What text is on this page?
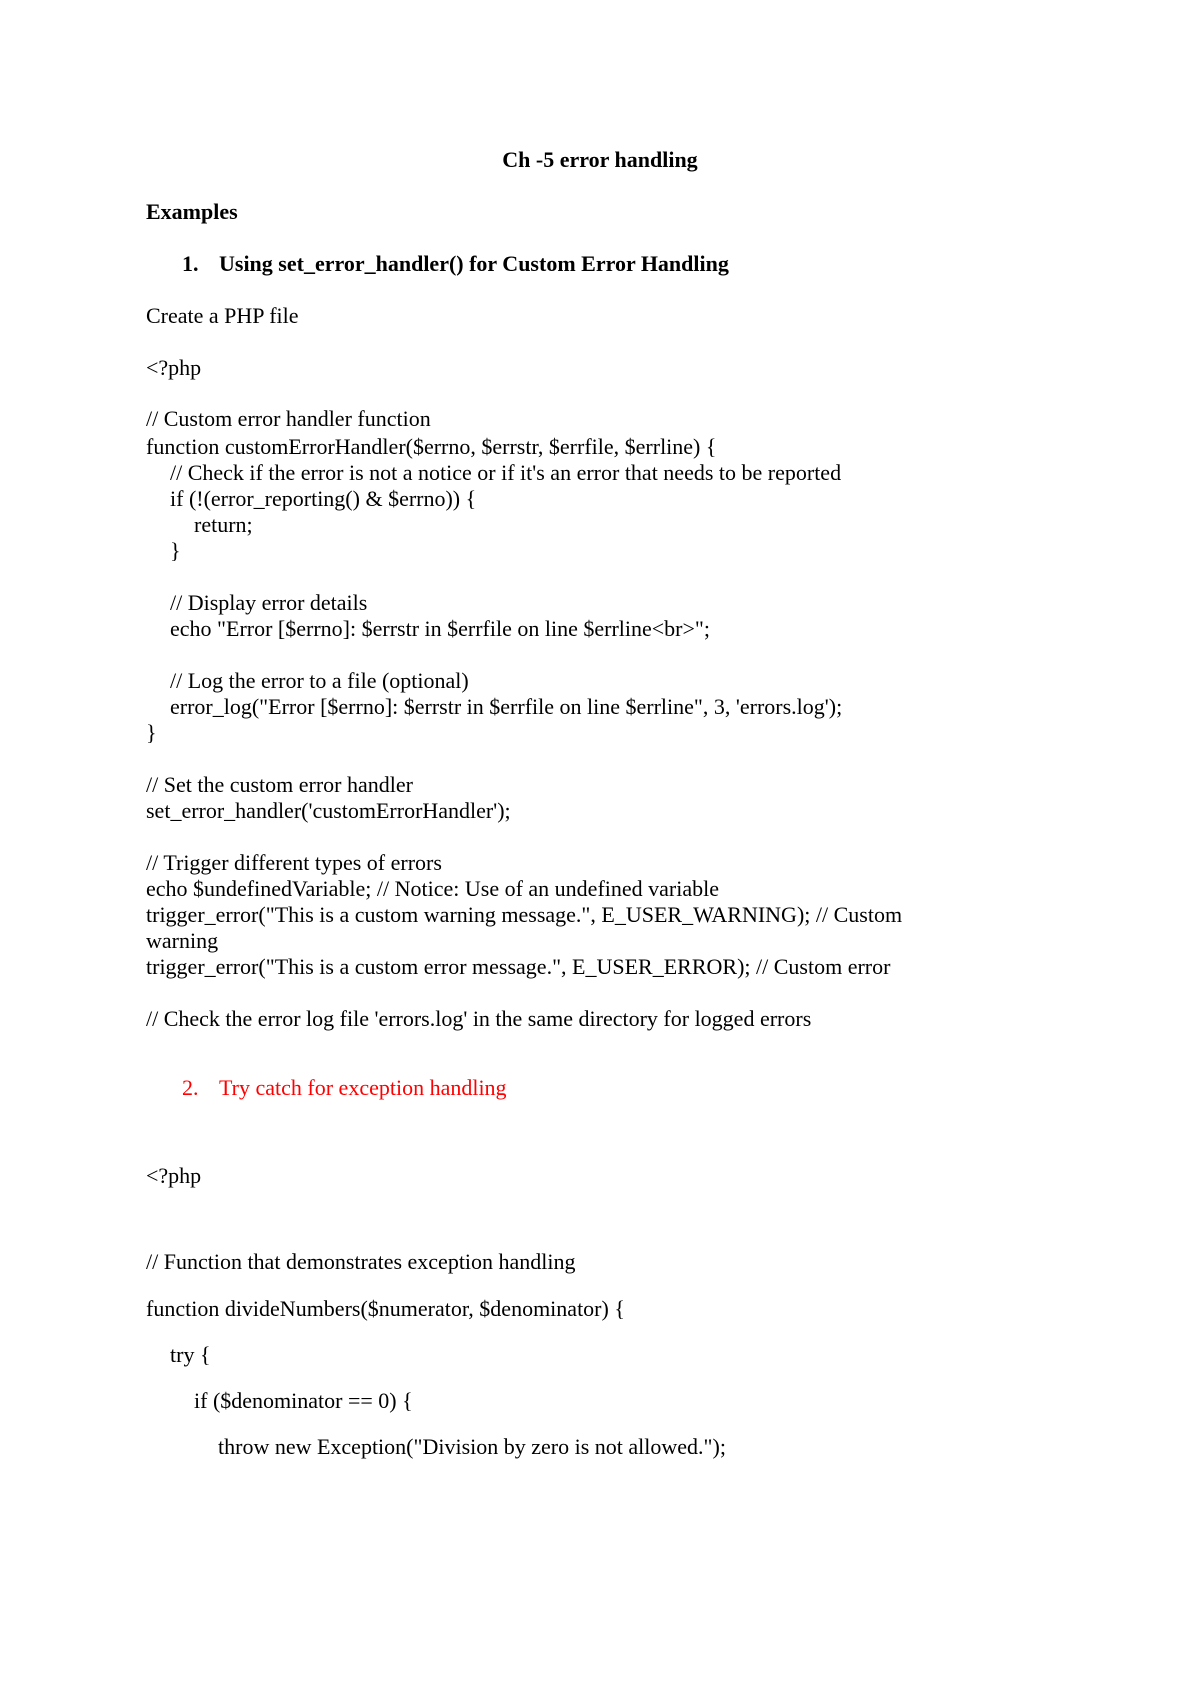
Ch -5 error handling
Examples
1. Using set_error_handler() for Custom Error Handling
Create a PHP file
<?php
// Custom error handler function
function customErrorHandler($errno, $errstr, $errfile, $errline) {
// Check if the error is not a notice or if it's an error that needs to be reported
if (!(error_reporting() & $errno)) {
return;
}
// Display error details
echo "Error [$errno]: $errstr in $errfile on line $errline<br>";
// Log the error to a file (optional)
error_log("Error [$errno]: $errstr in $errfile on line $errline", 3, 'errors.log');
}
// Set the custom error handler
set_error_handler('customErrorHandler');
// Trigger different types of errors
echo $undefinedVariable; // Notice: Use of an undefined variable
trigger_error("This is a custom warning message.", E_USER_WARNING); // Custom
warning
trigger_error("This is a custom error message.", E_USER_ERROR); // Custom error
// Check the error log file 'errors.log' in the same directory for logged errors
2. Try catch for exception handling
<?php
// Function that demonstrates exception handling
function divideNumbers($numerator, $denominator) {
try {
if ($denominator == 0) {
throw new Exception("Division by zero is not allowed.");
